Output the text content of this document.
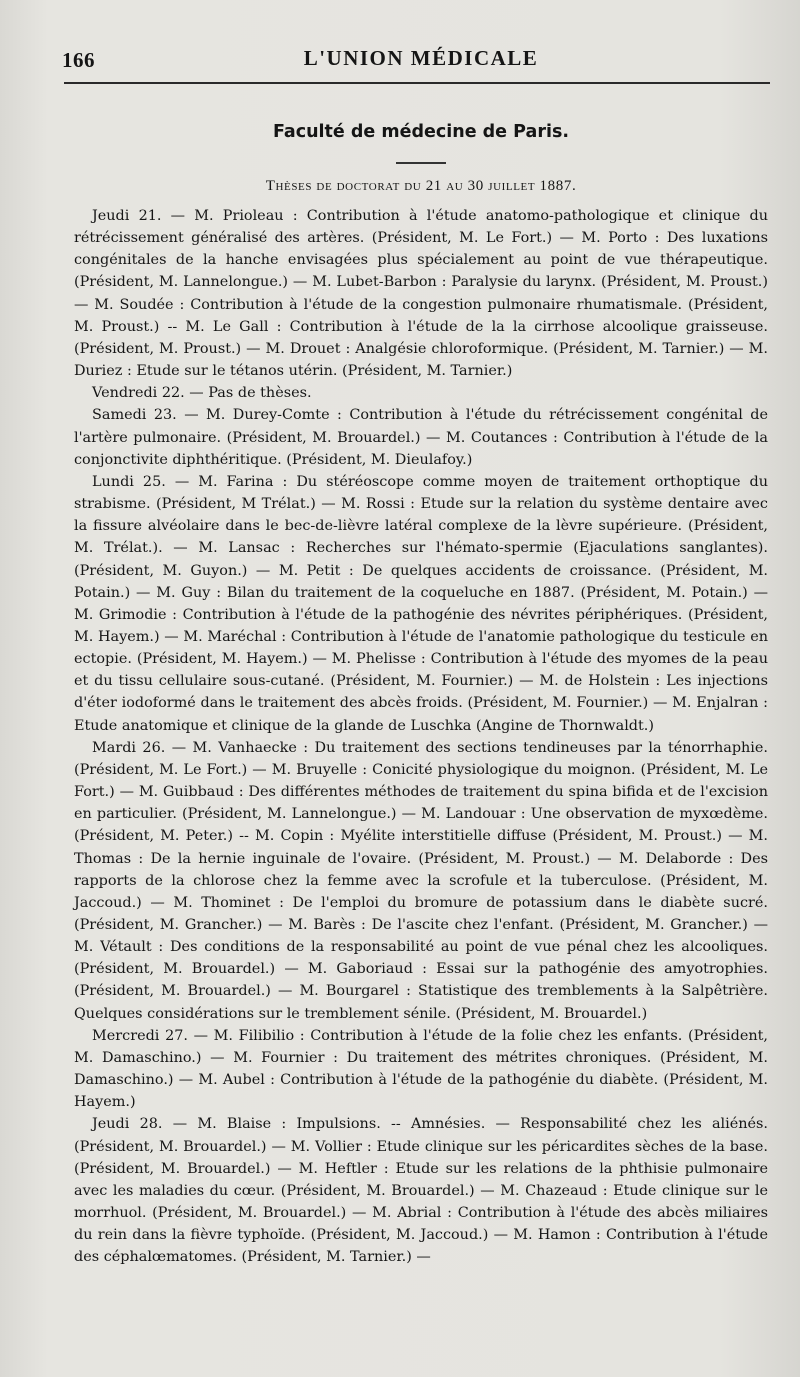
166	L'UNION MÉDICALE
Faculté de médecine de Paris.
Thèses de doctorat du 21 au 30 juillet 1887.

Jeudi 21. — M. Prioleau : Contribution à l'étude anatomo-pathologique et clinique du rétrécissement généralisé des artères. (Président, M. Le Fort.) — M. Porto : Des luxations congénitales de la hanche envisagées plus spécialement au point de vue thérapeutique. (Président, M. Lannelongue.) — M. Lubet-Barbon : Paralysie du larynx. (Président, M. Proust.) — M. Soudée : Contribution à l'étude de la congestion pulmonaire rhumatismale. (Président, M. Proust.) -- M. Le Gall : Contribution à l'étude de la la cirrhose alcoolique graisseuse. (Président, M. Proust.) — M. Drouet : Analgésie chloroformique. (Président, M. Tarnier.) — M. Duriez : Etude sur le tétanos utérin. (Président, M. Tarnier.)

Vendredi 22. — Pas de thèses.

Samedi 23. — M. Durey-Comte : Contribution à l'étude du rétrécissement congénital de l'artère pulmonaire. (Président, M. Brouardel.) — M. Coutances : Contribution à l'étude de la conjonctivite diphthéritique. (Président, M. Dieulafoy.)

Lundi 25. — M. Farina : Du stéréoscope comme moyen de traitement orthoptique du strabisme. (Président, M Trélat.) — M. Rossi : Etude sur la relation du système dentaire avec la fissure alvéolaire dans le bec-de-lièvre latéral complexe de la lèvre supérieure. (Président, M. Trélat.). — M. Lansac : Recherches sur l'hémato-spermie (Ejaculations sanglantes). (Président, M. Guyon.) — M. Petit : De quelques accidents de croissance. (Président, M. Potain.) — M. Guy : Bilan du traitement de la coqueluche en 1887. (Président, M. Potain.) — M. Grimodie : Contribution à l'étude de la pathogénie des névrites périphériques. (Président, M. Hayem.) — M. Maréchal : Contribution à l'étude de l'anatomie pathologique du testicule en ectopie. (Président, M. Hayem.) — M. Phelisse : Contribution à l'étude des myomes de la peau et du tissu cellulaire sous-cutané. (Président, M. Fournier.) — M. de Holstein : Les injections d'éter iodoformé dans le traitement des abcès froids. (Président, M. Fournier.) — M. Enjalran : Etude anatomique et clinique de la glande de Luschka (Angine de Thornwaldt.)

Mardi 26. — M. Vanhaecke : Du traitement des sections tendineuses par la ténorrhaphie. (Président, M. Le Fort.) — M. Bruyelle : Conicité physiologique du moignon. (Président, M. Le Fort.) — M. Guibbaud : Des différentes méthodes de traitement du spina bifida et de l'excision en particulier. (Président, M. Lannelongue.) — M. Landouar : Une observation de myxœdème. (Président, M. Peter.) -- M. Copin : Myélite interstitielle diffuse (Président, M. Proust.) — M. Thomas : De la hernie inguinale de l'ovaire. (Président, M. Proust.) — M. Delaborde : Des rapports de la chlorose chez la femme avec la scrofule et la tuberculose. (Président, M. Jaccoud.) — M. Thominet : De l'emploi du bromure de potassium dans le diabète sucré. (Président, M. Grancher.) — M. Barès : De l'ascite chez l'enfant. (Président, M. Grancher.) — M. Vétault : Des conditions de la responsabilité au point de vue pénal chez les alcooliques. (Président, M. Brouardel.) — M. Gaboriaud : Essai sur la pathogénie des amyotrophies. (Président, M. Brouardel.) — M. Bourgarel : Statistique des tremblements à la Salpêtrière. Quelques considérations sur le tremblement sénile. (Président, M. Brouardel.)

Mercredi 27. — M. Filibilio : Contribution à l'étude de la folie chez les enfants. (Président, M. Damaschino.) — M. Fournier : Du traitement des métrites chroniques. (Président, M. Damaschino.) — M. Aubel : Contribution à l'étude de la pathogénie du diabète. (Président, M. Hayem.)

Jeudi 28. — M. Blaise : Impulsions. -- Amnésies. — Responsabilité chez les aliénés. (Président, M. Brouardel.) — M. Vollier : Etude clinique sur les péricardites sèches de la base. (Président, M. Brouardel.) — M. Heftler : Etude sur les relations de la phthisie pulmonaire avec les maladies du cœur. (Président, M. Brouardel.) — M. Chazeaud : Etude clinique sur le morrhuol. (Président, M. Brouardel.) — M. Abrial : Contribution à l'étude des abcès miliaires du rein dans la fièvre typhoïde. (Président, M. Jaccoud.) — M. Hamon : Contribution à l'étude des céphalœmatomes. (Président, M. Tarnier.) —
